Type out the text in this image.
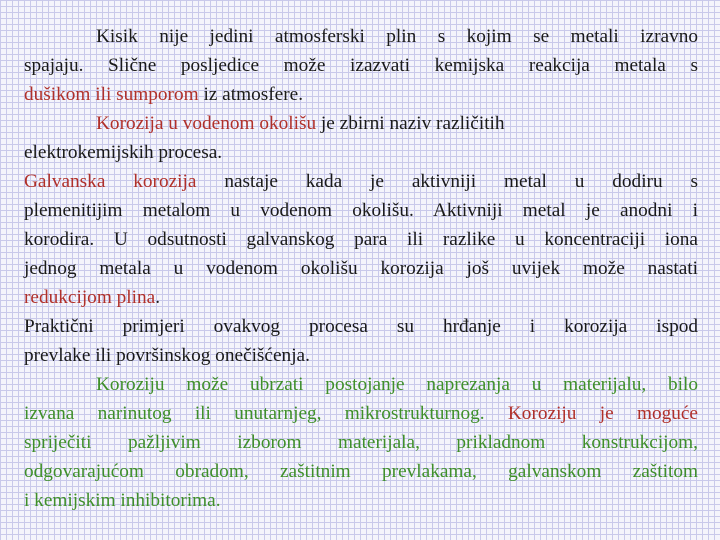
Kisik nije jedini atmosferski plin s kojim se metali izravno
spajaju. Slične posljedice može izazvati kemijska reakcija metala s
dušikom ili sumporom iz atmosfere.
Korozija u vodenom okolišu je zbirni naziv različitih
elektrokemijskih procesa.
Galvanska korozija nastaje kada je aktivniji metal u dodiru s
plemenitijim metalom u vodenom okolišu. Aktivniji metal je anodni i
korodira. U odsutnosti galvanskog para ili razlike u koncentraciji iona
jednog metala u vodenom okolišu korozija još uvijek može nastati
redukcijom plina.
Praktični primjeri ovakvog procesa su hrđanje i korozija ispod
prevlake ili površinskog onečišćenja.
Koroziju može ubrzati postojanje naprezanja u materijalu, bilo
izvana narinutog ili unutarnjeg, mikrostrukturnog. Koroziju je moguće
spriječiti pažljivim izborom materijala, prikladnom konstrukcijom,
odgovarajućom obradom, zaštitnim prevlakama, galvanskom zaštitom
i kemijskim inhibitorima.
